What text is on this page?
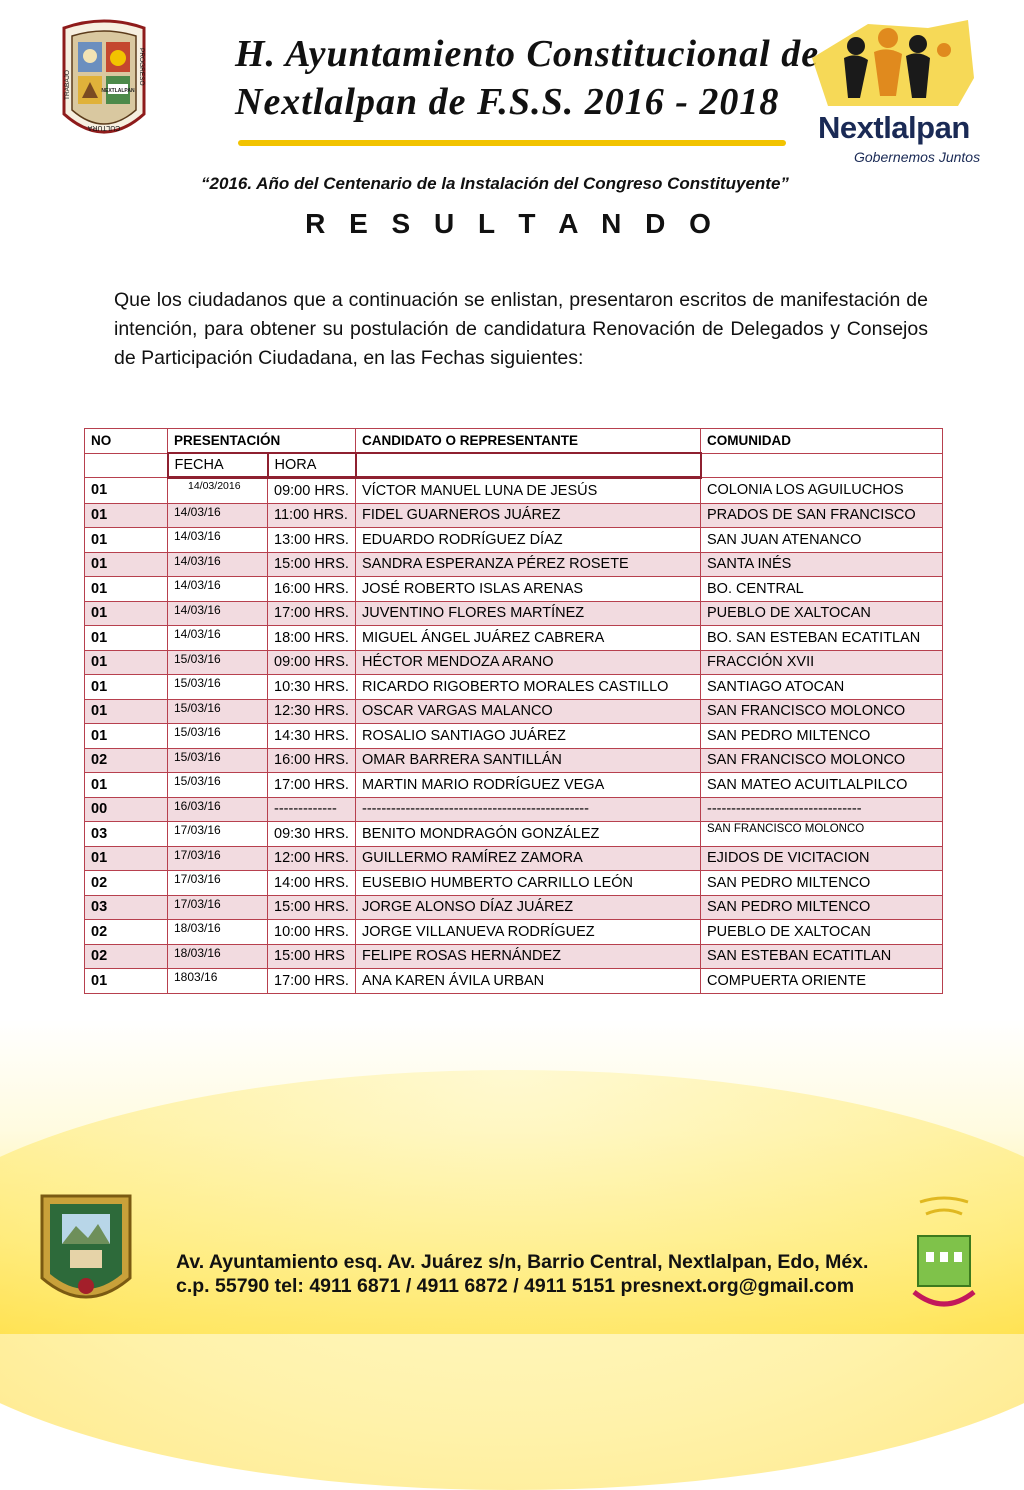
NEXTLALPAN
TRABAJO	PROGRESO
CULTURA
H. Ayuntamiento Constitucional de
Nextlalpan de F.S.S. 2016 - 2018
Nextlalpan
Gobernemos Juntos
“2016. Año del Centenario de la Instalación del Congreso Constituyente”
R E S U L T A N D O
Que los ciudadanos que a continuación se enlistan, presentaron escritos de manifestación de intención, para obtener su postulación de candidatura Renovación de Delegados y Consejos de Participación Ciudadana, en las Fechas siguientes:
NO	PRESENTACIÓN		CANDIDATO O REPRESENTANTE	COMUNIDAD
	FECHA	HORA		
01	14/03/2016	09:00 HRS.	VÍCTOR MANUEL LUNA DE JESÚS	COLONIA LOS AGUILUCHOS
01	14/03/16	11:00 HRS.	FIDEL GUARNEROS JUÁREZ	PRADOS DE SAN FRANCISCO
01	14/03/16	13:00 HRS.	EDUARDO RODRÍGUEZ DÍAZ	SAN JUAN ATENANCO
01	14/03/16	15:00 HRS.	SANDRA ESPERANZA PÉREZ ROSETE	SANTA INÉS
01	14/03/16	16:00 HRS.	JOSÉ ROBERTO ISLAS ARENAS	BO. CENTRAL
01	14/03/16	17:00 HRS.	JUVENTINO FLORES MARTÍNEZ	PUEBLO DE XALTOCAN
01	14/03/16	18:00 HRS.	MIGUEL ÁNGEL JUÁREZ CABRERA	BO. SAN ESTEBAN ECATITLAN
01	15/03/16	09:00 HRS.	HÉCTOR MENDOZA ARANO	FRACCIÓN XVII
01	15/03/16	10:30 HRS.	RICARDO RIGOBERTO MORALES CASTILLO	SANTIAGO ATOCAN
01	15/03/16	12:30 HRS.	OSCAR VARGAS MALANCO	SAN FRANCISCO MOLONCO
01	15/03/16	14:30 HRS.	ROSALIO SANTIAGO JUÁREZ	SAN PEDRO MILTENCO
02	15/03/16	16:00 HRS.	OMAR BARRERA SANTILLÁN	SAN FRANCISCO MOLONCO
01	15/03/16	17:00 HRS.	MARTIN MARIO RODRÍGUEZ VEGA	SAN MATEO ACUITLALPILCO
00	16/03/16	-------------	-----------------------------------------------	--------------------------------
03	17/03/16	09:30 HRS.	BENITO MONDRAGÓN GONZÁLEZ	SAN FRANCISCO MOLONCO
01	17/03/16	12:00 HRS.	GUILLERMO RAMÍREZ ZAMORA	EJIDOS DE VICITACION
02	17/03/16	14:00 HRS.	EUSEBIO HUMBERTO CARRILLO LEÓN	SAN PEDRO MILTENCO
03	17/03/16	15:00 HRS.	JORGE ALONSO DÍAZ JUÁREZ	SAN PEDRO MILTENCO
02	18/03/16	10:00 HRS.	JORGE VILLANUEVA RODRÍGUEZ	PUEBLO DE XALTOCAN
02	18/03/16	15:00 HRS	FELIPE ROSAS HERNÁNDEZ	SAN ESTEBAN ECATITLAN
01	1803/16	17:00 HRS.	ANA KAREN ÁVILA URBAN	COMPUERTA ORIENTE
Av. Ayuntamiento esq. Av. Juárez s/n, Barrio Central, Nextlalpan, Edo, Méx.
c.p. 55790 tel: 4911 6871 / 4911 6872 / 4911 5151 presnext.org@gmail.com
